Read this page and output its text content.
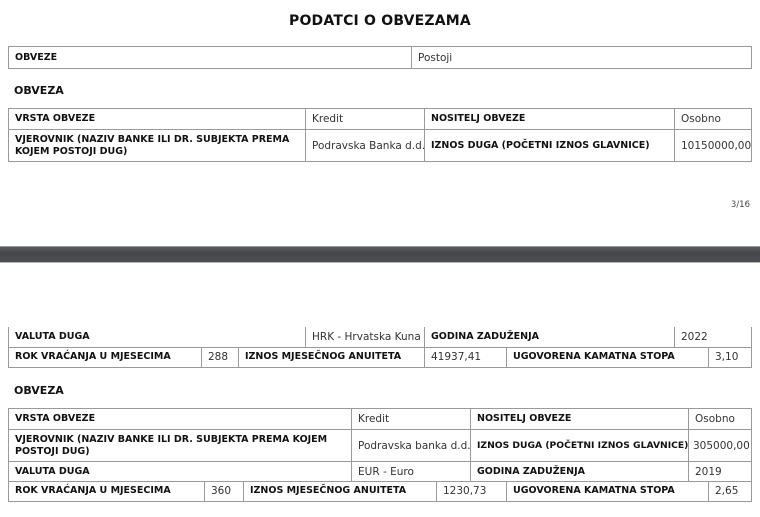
PODATCI O OBVEZAMA
OBVEZE	Postoji
OBVEZA
VRSTA OBVEZE	Kredit	NOSITELJ OBVEZE	Osobno
VJEROVNIK (NAZIV BANKE ILI DR. SUBJEKTA PREMA KOJEM POSTOJI DUG)	Podravska Banka d.d.	IZNOS DUGA (POČETNI IZNOS GLAVNICE)	10150000,00
3/16
VALUTA DUGA	HRK - Hrvatska Kuna	GODINA ZADUŽENJA	2022
ROK VRAĆANJA U MJESECIMA	288	IZNOS MJESEČNOG ANUITETA	41937,41	UGOVORENA KAMATNA STOPA	3,10
OBVEZA
VRSTA OBVEZE	Kredit	NOSITELJ OBVEZE	Osobno
VJEROVNIK (NAZIV BANKE ILI DR. SUBJEKTA PREMA KOJEM POSTOJI DUG)	Podravska banka d.d.	IZNOS DUGA (POČETNI IZNOS GLAVNICE)	305000,00
VALUTA DUGA	EUR - Euro	GODINA ZADUŽENJA	2019
ROK VRAĆANJA U MJESECIMA	360	IZNOS MJESEČNOG ANUITETA	1230,73	UGOVORENA KAMATNA STOPA	2,65
